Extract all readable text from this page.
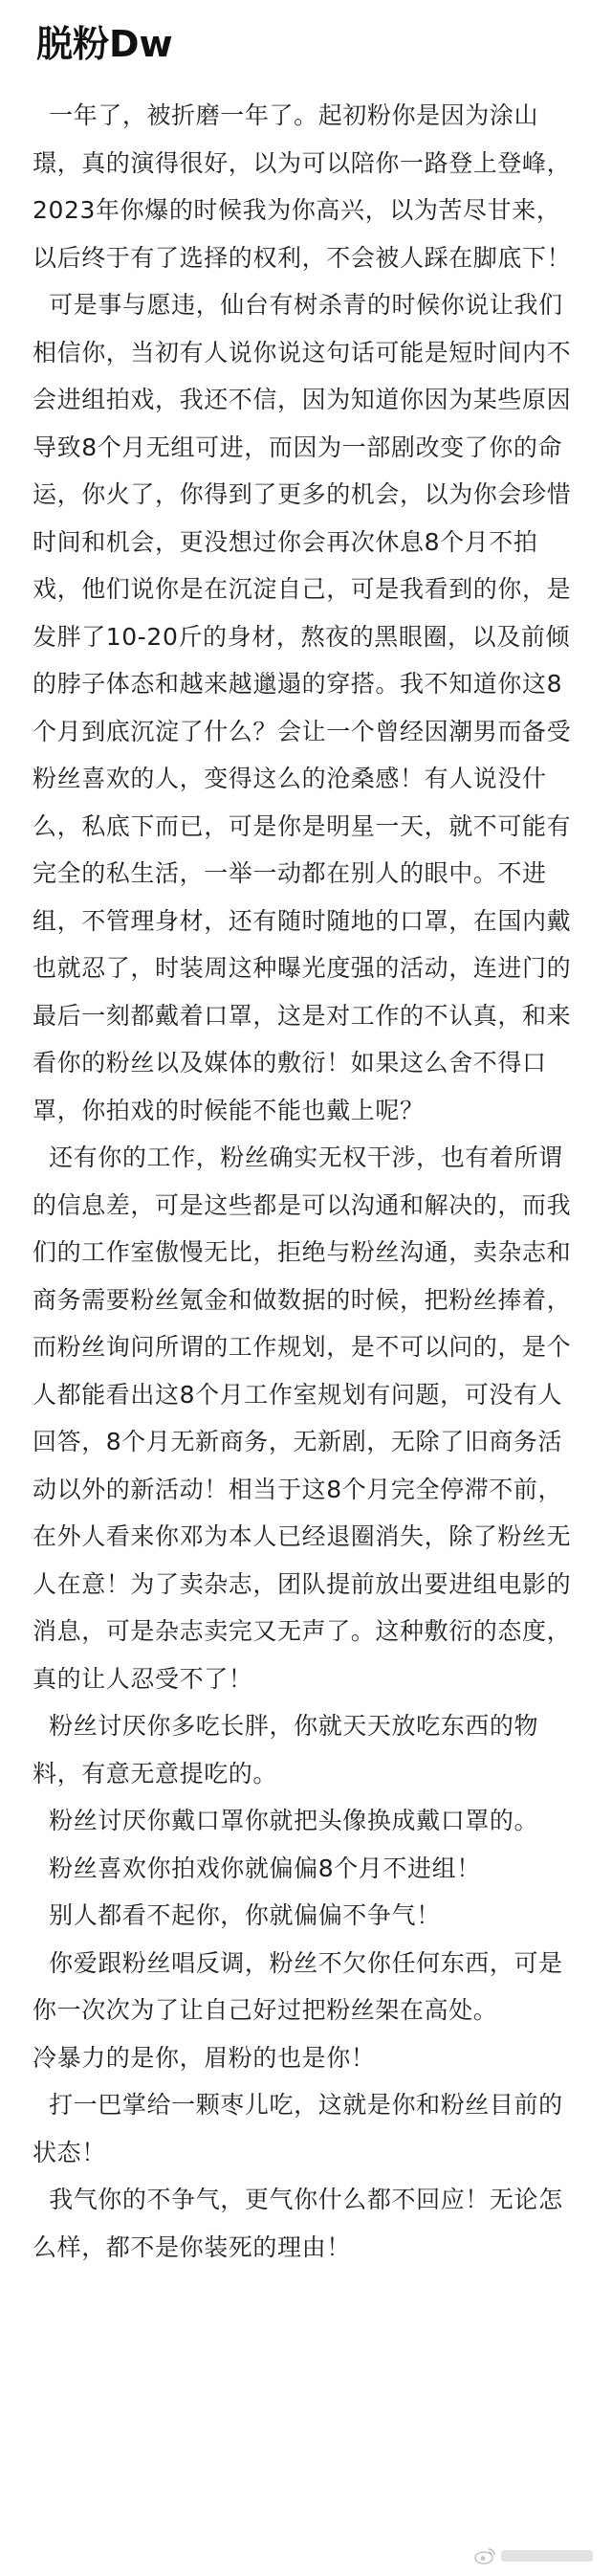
脱粉Dw

一年了，被折磨一年了。起初粉你是因为涂山璟，真的演得很好，以为可以陪你一路登上登峰，2023年你爆的时候我为你高兴，以为苦尽甘来，以后终于有了选择的权利，不会被人踩在脚底下！

可是事与愿违，仙台有树杀青的时候你说让我们相信你，当初有人说你说这句话可能是短时间内不会进组拍戏，我还不信，因为知道你因为某些原因导致8个月无组可进，而因为一部剧改变了你的命运，你火了，你得到了更多的机会，以为你会珍惜时间和机会，更没想过你会再次休息8个月不拍戏，他们说你是在沉淀自己，可是我看到的你，是发胖了10-20斤的身材，熬夜的黑眼圈，以及前倾的脖子体态和越来越邋遢的穿搭。我不知道你这8个月到底沉淀了什么？会让一个曾经因潮男而备受粉丝喜欢的人，变得这么的沧桑感！有人说没什么，私底下而已，可是你是明星一天，就不可能有完全的私生活，一举一动都在别人的眼中。不进组，不管理身材，还有随时随地的口罩，在国内戴也就忍了，时装周这种曝光度强的活动，连进门的最后一刻都戴着口罩，这是对工作的不认真，和来看你的粉丝以及媒体的敷衍！如果这么舍不得口罩，你拍戏的时候能不能也戴上呢？

还有你的工作，粉丝确实无权干涉，也有着所谓的信息差，可是这些都是可以沟通和解决的，而我们的工作室傲慢无比，拒绝与粉丝沟通，卖杂志和商务需要粉丝氪金和做数据的时候，把粉丝捧着，而粉丝询问所谓的工作规划，是不可以问的，是个人都能看出这8个月工作室规划有问题，可没有人回答，8个月无新商务，无新剧，无除了旧商务活动以外的新活动！相当于这8个月完全停滞不前，在外人看来你邓为本人已经退圈消失，除了粉丝无人在意！为了卖杂志，团队提前放出要进组电影的消息，可是杂志卖完又无声了。这种敷衍的态度，真的让人忍受不了！

粉丝讨厌你多吃长胖，你就天天放吃东西的物料，有意无意提吃的。

粉丝讨厌你戴口罩你就把头像换成戴口罩的。

粉丝喜欢你拍戏你就偏偏8个月不进组！

别人都看不起你，你就偏偏不争气！

你爱跟粉丝唱反调，粉丝不欠你任何东西，可是你一次次为了让自己好过把粉丝架在高处。

冷暴力的是你，眉粉的也是你！

打一巴掌给一颗枣儿吃，这就是你和粉丝目前的状态！

我气你的不争气，更气你什么都不回应！无论怎么样，都不是你装死的理由！
